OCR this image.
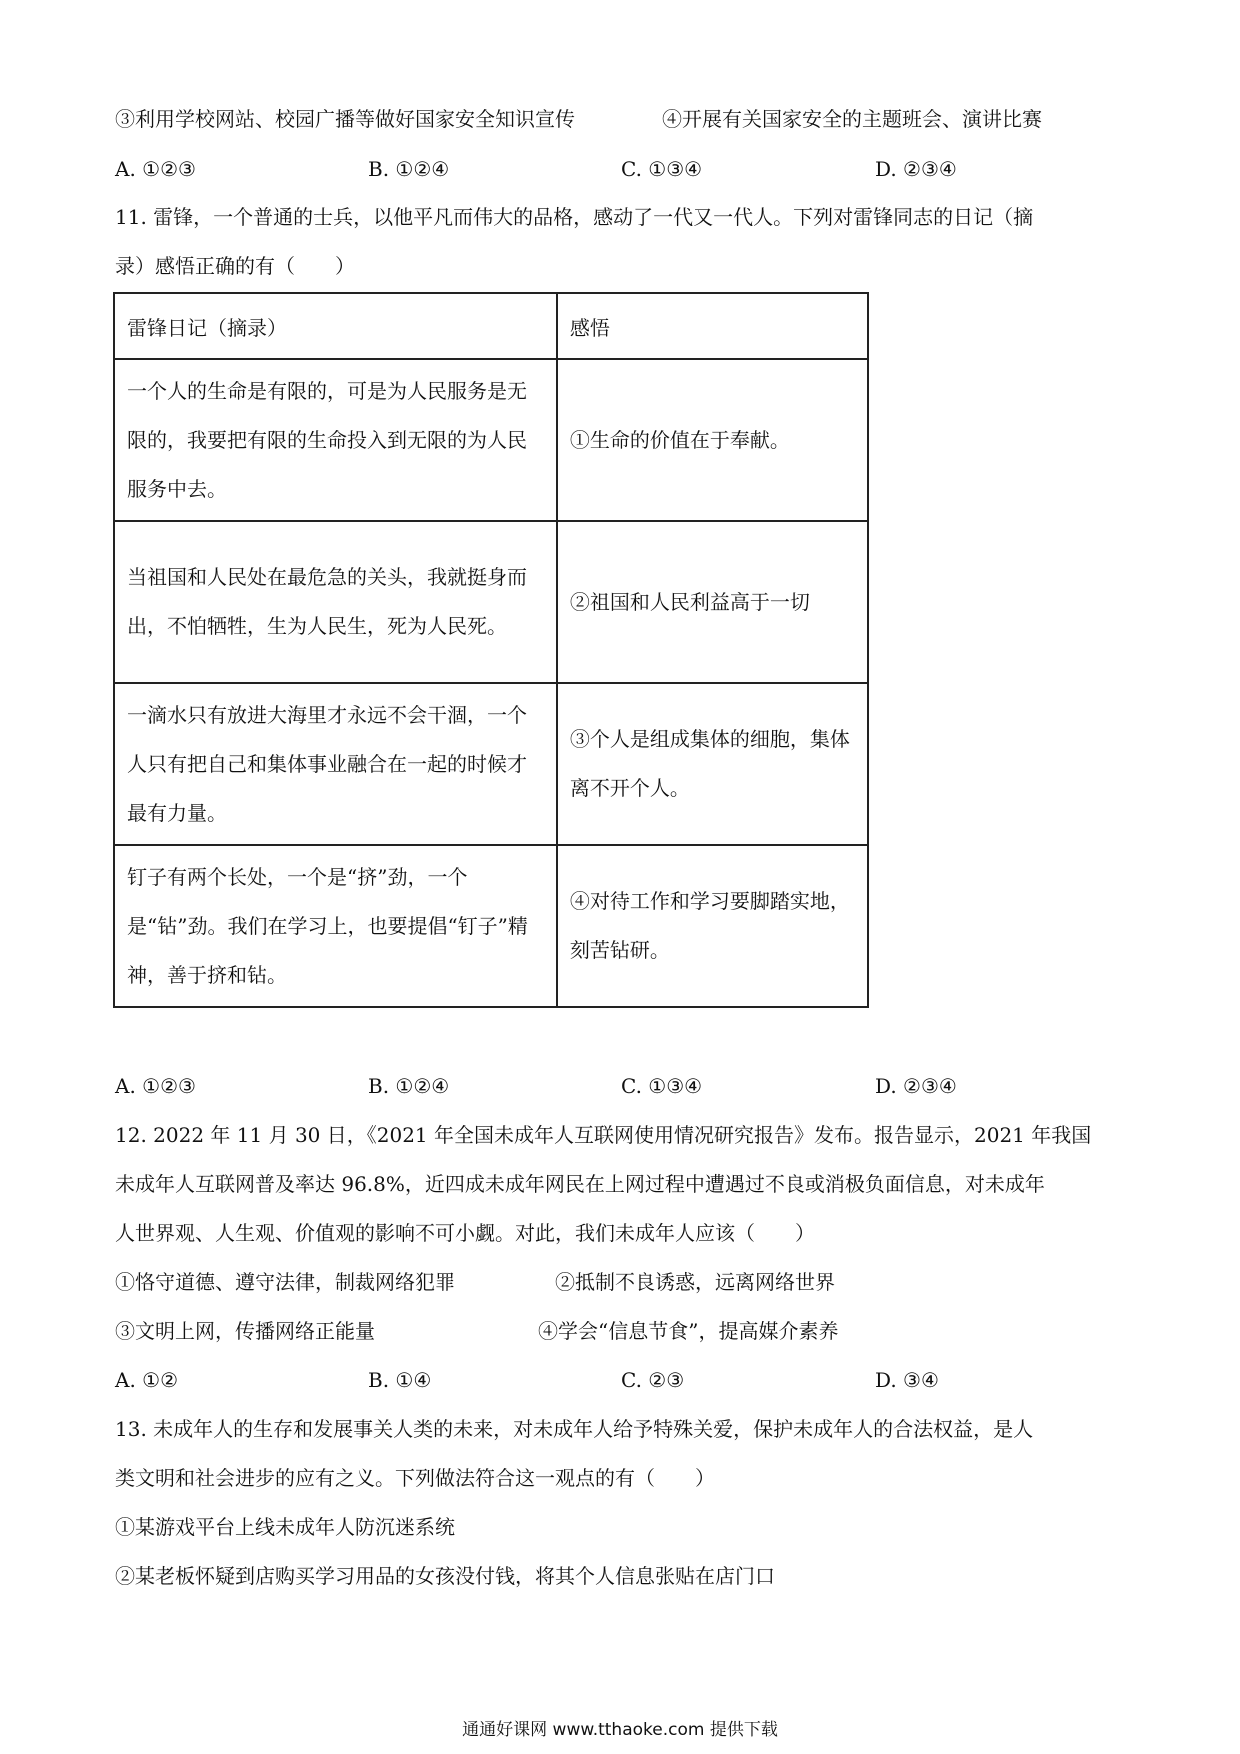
③利用学校网站、校园广播等做好国家安全知识宣传	④开展有关国家安全的主题班会、演讲比赛
A. ①②③	B. ①②④	C. ①③④	D. ②③④
11. 雷锋，一个普通的士兵，以他平凡而伟大的品格，感动了一代又一代人。下列对雷锋同志的日记（摘
录）感悟正确的有（　　）
雷锋日记（摘录）	感悟

一个人的生命是有限的，可是为人民服务是无限的，我要把有限的生命投入到无限的为人民服务中去。	①生命的价值在于奉献。

当祖国和人民处在最危急的关头，我就挺身而出，不怕牺牲，生为人民生，死为人民死。	②祖国和人民利益高于一切

一滴水只有放进大海里才永远不会干涸，一个人只有把自己和集体事业融合在一起的时候才最有力量。	③个人是组成集体的细胞，集体离不开个人。

钉子有两个长处，一个是“挤”劲，一个是“钻”劲。我们在学习上，也要提倡“钉子”精神，善于挤和钻。	④对待工作和学习要脚踏实地，刻苦钻研。
A. ①②③	B. ①②④	C. ①③④	D. ②③④
12. 2022 年 11 月 30 日，《2021 年全国未成年人互联网使用情况研究报告》发布。报告显示，2021 年我国
未成年人互联网普及率达 96.8%，近四成未成年网民在上网过程中遭遇过不良或消极负面信息，对未成年
人世界观、人生观、价值观的影响不可小觑。对此，我们未成年人应该（　　）
①恪守道德、遵守法律，制裁网络犯罪	②抵制不良诱惑，远离网络世界
③文明上网，传播网络正能量	④学会“信息节食”，提高媒介素养
A. ①②	B. ①④	C. ②③	D. ③④
13. 未成年人的生存和发展事关人类的未来，对未成年人给予特殊关爱，保护未成年人的合法权益，是人
类文明和社会进步的应有之义。下列做法符合这一观点的有（　　）
①某游戏平台上线未成年人防沉迷系统
②某老板怀疑到店购买学习用品的女孩没付钱，将其个人信息张贴在店门口
通通好课网 www.tthaoke.com 提供下载
